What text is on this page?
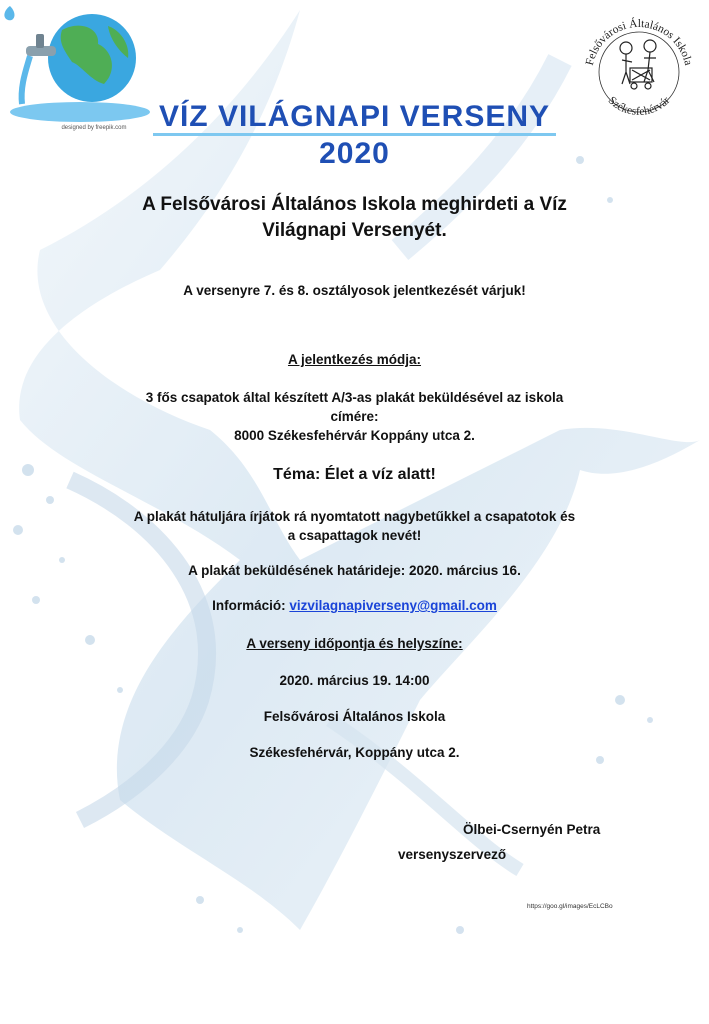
designed by freepik.com
Felsővárosi Általános Iskola
Székesfehérvár
VÍZ VILÁGNAPI VERSENY
2020
A Felsővárosi Általános Iskola meghirdeti a Víz
Világnapi Versenyét.
A versenyre 7. és 8. osztályosok jelentkezését várjuk!
A jelentkezés módja:
3 fős csapatok által készített A/3-as plakát beküldésével az iskola
címére:
8000 Székesfehérvár Koppány utca 2.
Téma: Élet a víz alatt!
A plakát hátuljára írjátok rá nyomtatott nagybetűkkel a csapatotok és
a csapattagok nevét!
A plakát beküldésének határideje: 2020. március 16.
Információ: vizvilagnapiverseny@gmail.com
A verseny időpontja és helyszíne:
2020. március 19. 14:00
Felsővárosi Általános Iskola
Székesfehérvár, Koppány utca 2.
Ölbei-Csernyén Petra
versenyszervező
https://goo.gl/images/EcLCBo
